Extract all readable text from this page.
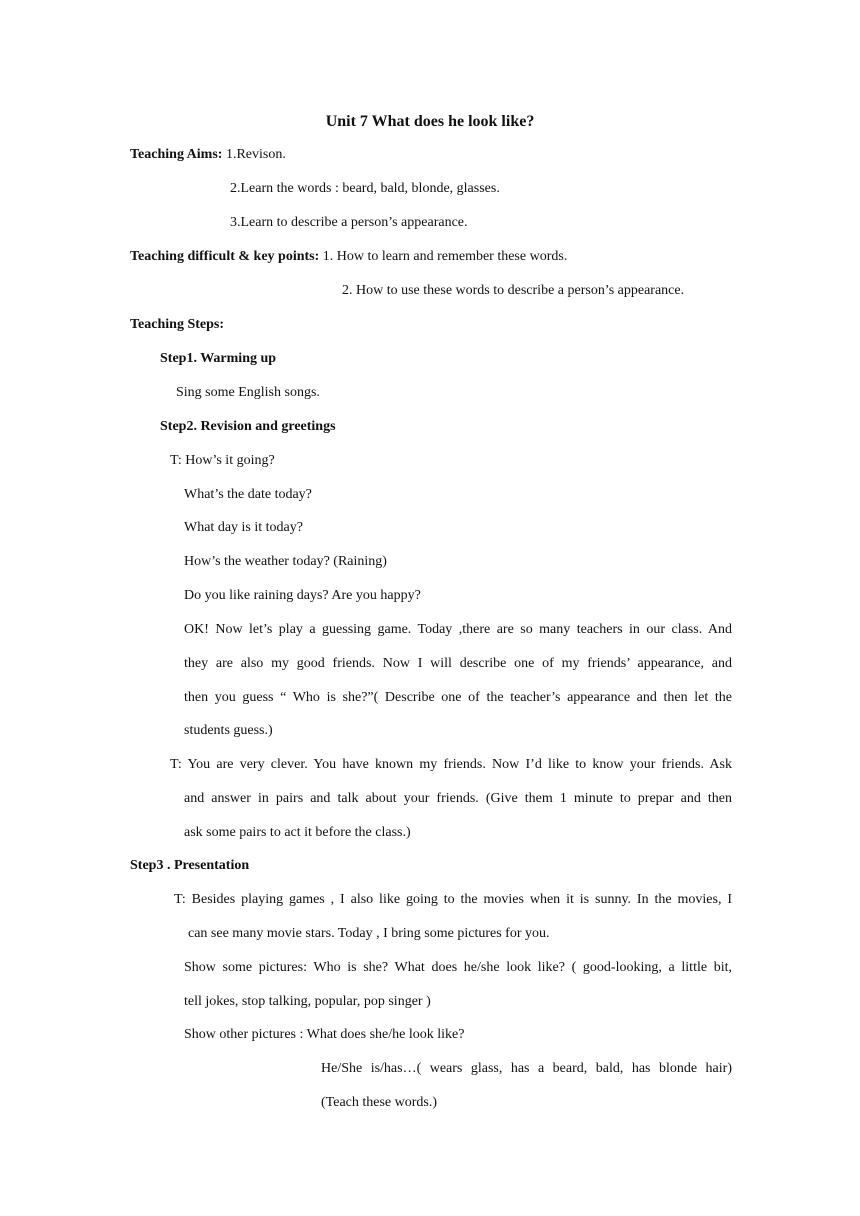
Unit 7 What does he look like?
Teaching Aims: 1.Revison.
2.Learn the words : beard, bald, blonde, glasses.
3.Learn to describe a person’s appearance.
Teaching difficult & key points: 1. How to learn and remember these words.
2. How to use these words to describe a person’s appearance.
Teaching Steps:
Step1. Warming up
Sing some English songs.
Step2. Revision and greetings
T: How’s it going?
What’s the date today?
What day is it today?
How’s the weather today? (Raining)
Do you like raining days? Are you happy?
OK! Now let’s play a guessing game. Today ,there are so many teachers in our class. And
they are also my good friends. Now I will describe one of my friends’ appearance, and
then you guess “ Who is she?”( Describe one of the teacher’s appearance and then let the
students guess.)
T: You are very clever. You have known my friends. Now I’d like to know your friends. Ask
and answer in pairs and talk about your friends. (Give them 1 minute to prepar and then
ask some pairs to act it before the class.)
Step3 . Presentation
T: Besides playing games , I also like going to the movies when it is sunny. In the movies, I
can see many movie stars. Today , I bring some pictures for you.
Show some pictures: Who is she? What does he/she look like? ( good-looking, a little bit,
tell jokes, stop talking, popular, pop singer )
Show other pictures : What does she/he look like?
He/She is/has…( wears glass, has a beard, bald, has blonde hair)
(Teach these words.)
